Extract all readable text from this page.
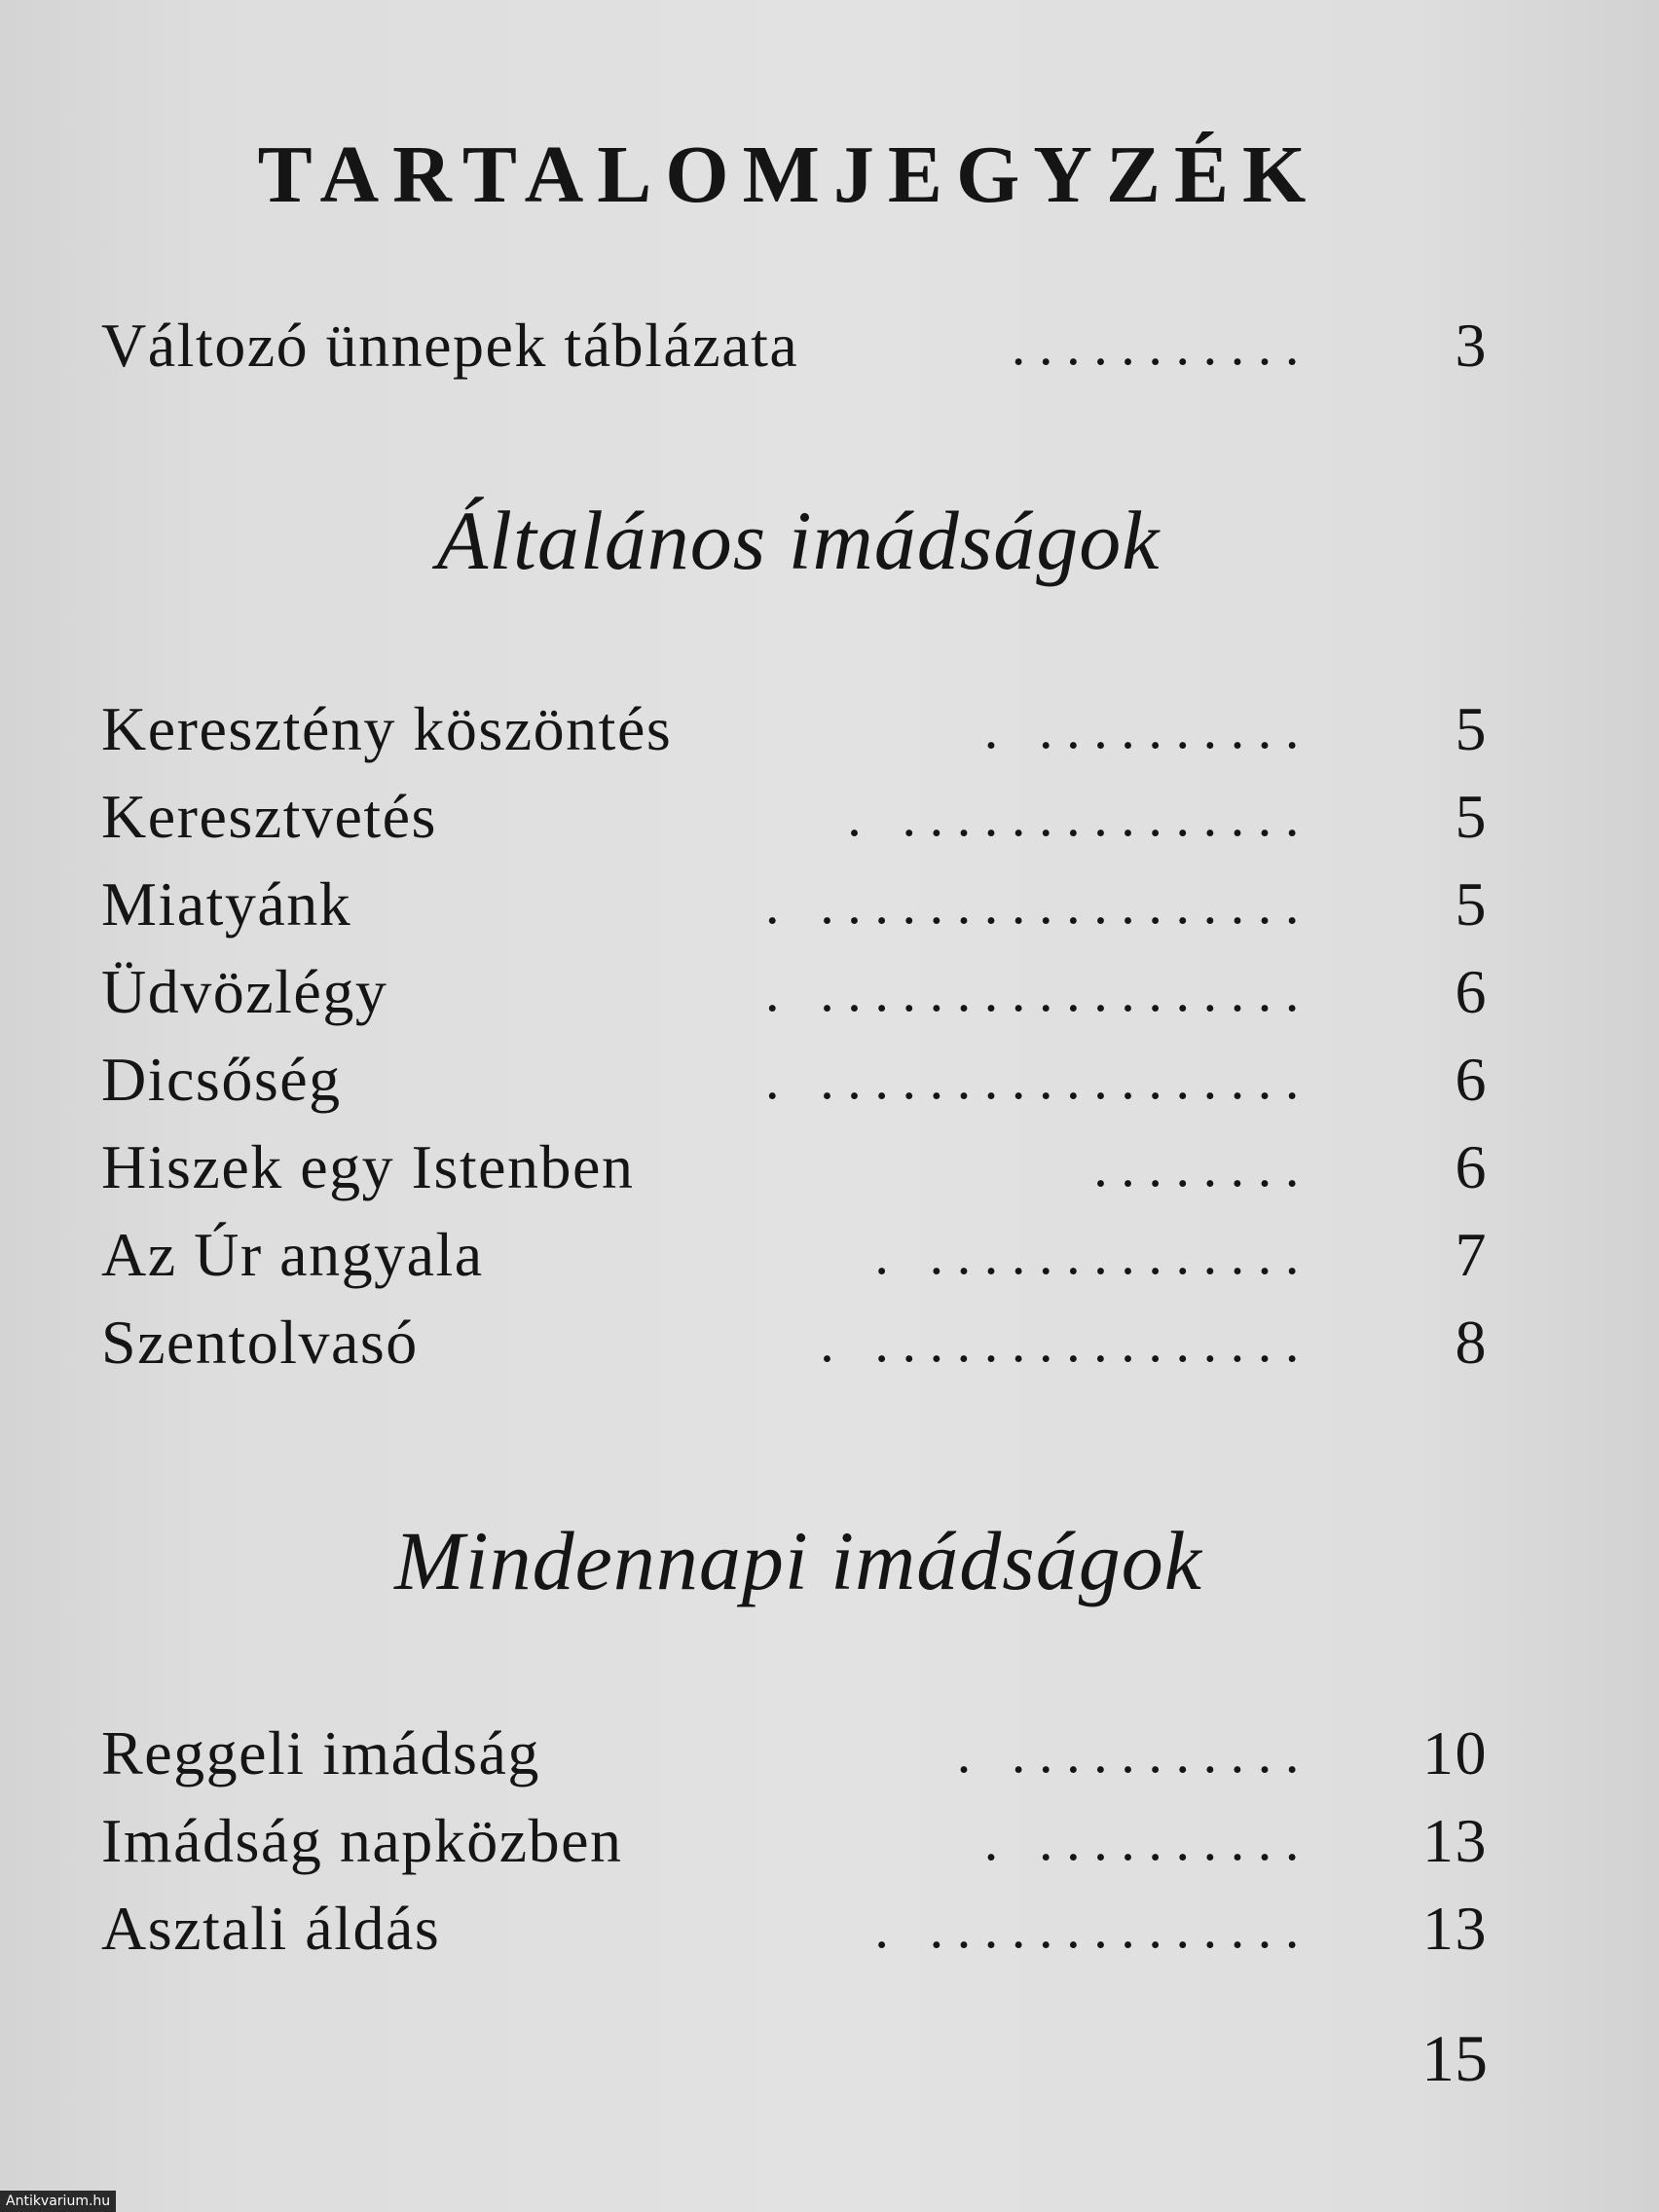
TARTALOMJEGYZÉK
Változó ünnepek táblázata	........... 3
Általános imádságok
Keresztény köszöntés	. .......... 5
Keresztvetés	. ............... 5
Miatyánk	. .................. 5
Üdvözlégy	. .................. 6
Dicsőség	. .................. 6
Hiszek egy Istenben	........ 6
Az Úr angyala	. .............. 7
Szentolvasó	. ................ 8
Mindennapi imádságok
Reggeli imádság	. ........... 10
Imádság napközben	. .......... 13
Asztali áldás	. .............. 13
15
Antikvarium.hu
